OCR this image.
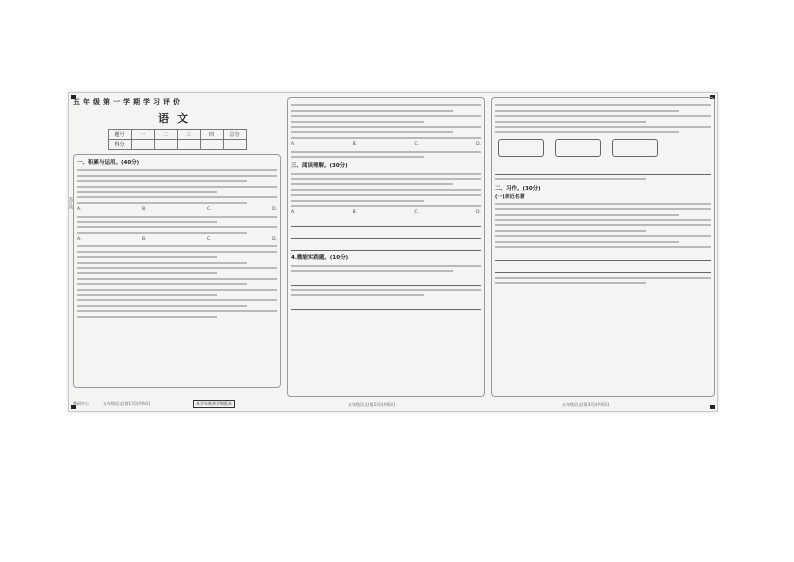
装订线
五年级第一学期学习评价
语文
题号	一	二	三	四	总分
得分					
一、积累与运用。(40分)
A.	B.	C.	D.
A.	B.	C.	D.
五年级语文(第1页)(共6页)	本学年秋季学期版本
教研中心
A.	B.	C.	D.
三、阅读理解。(30分)
A.	B.	C.	D.
4.微缩实践题。(10分)
五年级语文(第2页)(共6页)

二、习作。(30分)
(一)亲近名著
五年级语文(第3页)(共6页)
